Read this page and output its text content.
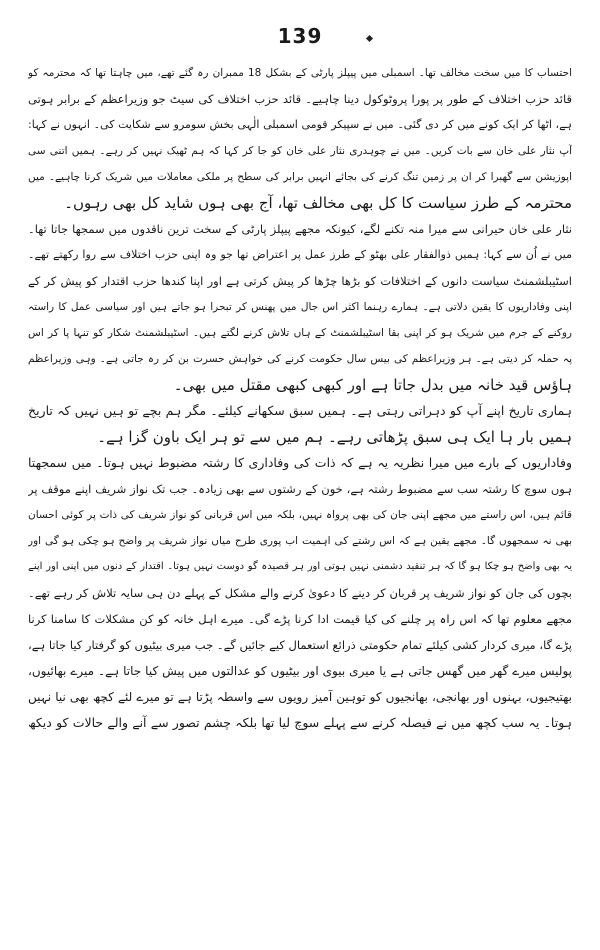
139
احتساب کا میں سخت مخالف تھا۔ اسمبلی میں پیپلز پارٹی کے بشکل 18 ممبران رہ گئے تھے، میں چاہتا تھا کہ محترمہ کو
قائد حزب اختلاف کے طور پر پورا پروٹوکول دینا چاہیے۔ قائد حزب اختلاف کی سیٹ جو وزیراعظم کے برابر ہوتی
ہے، اٹھا کر ایک کونے میں کر دی گئی۔ میں نے سپیکر قومی اسمبلی الٰہی بخش سومرو سے شکایت کی۔ انہوں نے کہا:
آپ نثار علی خان سے بات کریں۔ میں نے چوہدری نثار علی خان کو جا کر کہا کہ ہم ٹھیک نہیں کر رہے۔ ہمیں اتنی سی
اپوزیشن سے گھبرا کر ان پر زمین تنگ کرنے کی بجائے انہیں برابر کی سطح پر ملکی معاملات میں شریک کرنا چاہیے۔ میں
محترمہ کے طرز سیاست کا کل بھی مخالف تھا، آج بھی ہوں شاید کل بھی رہوں۔
نثار علی خان حیرانی سے میرا منہ تکنے لگے، کیونکہ مجھے پیپلز پارٹی کے سخت ترین ناقدوں میں سمجھا جاتا تھا۔
میں نے اُن سے کہا: ہمیں ذوالفقار علی بھٹو کے طرز عمل پر اعتراض تھا جو وہ اپنی حزب اختلاف سے روا رکھتے تھے۔
اسٹیبلشمنٹ سیاست دانوں کے اختلافات کو بڑھا چڑھا کر پیش کرتی ہے اور اپنا کندھا حزب اقتدار کو پیش کر کے
اپنی وفاداریوں کا یقین دلاتی ہے۔ ہمارے رہنما اکثر اس جال میں پھنس کر تبحرا ہو جاتے ہیں اور سیاسی عمل کا راستہ
روکنے کے جرم میں شریک ہو کر اپنی بقا اسٹیبلشمنٹ کے ہاں تلاش کرنے لگتے ہیں۔ اسٹیبلشمنٹ شکار کو تنہا پا کر اس
پہ حملہ کر دیتی ہے۔ ہر وزیراعظم کی بیس سال حکومت کرنے کی خواہش حسرت بن کر رہ جاتی ہے۔ وہی وزیراعظم
ہاؤس قید خانہ میں بدل جاتا ہے اور کبھی کبھی مقتل میں بھی۔
ہماری تاریخ اپنے آپ کو دہراتی رہتی ہے۔ ہمیں سبق سکھانے کیلئے۔ مگر ہم بچے تو ہیں نہیں کہ تاریخ
ہمیں بار ہا ایک ہی سبق پڑھاتی رہے۔ ہم میں سے تو ہر ایک باون گزا ہے۔
وفاداریوں کے بارے میں میرا نظریہ یہ ہے کہ ذات کی وفاداری کا رشتہ مضبوط نہیں ہوتا۔ میں سمجھتا
ہوں سوچ کا رشتہ سب سے مضبوط رشتہ ہے، خون کے رشتوں سے بھی زیادہ۔ جب تک نواز شریف اپنے موقف پر
قائم ہیں، اس راستے میں مجھے اپنی جان کی بھی پرواہ نہیں، بلکہ میں اس قربانی کو نواز شریف کی ذات پر کوئی احسان
بھی نہ سمجھوں گا۔ مجھے یقین ہے کہ اس رشتے کی اہمیت اب پوری طرح میاں نواز شریف پر واضح ہو چکی ہو گی اور
یہ بھی واضح ہو چکا ہو گا کہ ہر تنقید دشمنی نہیں ہوتی اور ہر قصیدہ گو دوست نہیں ہوتا۔ اقتدار کے دنوں میں اپنی اور اپنے
بچوں کی جان کو نواز شریف پر قربان کر دینے کا دعویٰ کرنے والے مشکل کے پہلے دن ہی سایہ تلاش کر رہے تھے۔
مجھے معلوم تھا کہ اس راہ پر چلنے کی کیا قیمت ادا کرنا پڑے گی۔ میرے اہل خانہ کو کن مشکلات کا سامنا کرنا
پڑے گا، میری کردار کشی کیلئے تمام حکومتی ذرائع استعمال کیے جائیں گے۔ جب میری بیٹیوں کو گرفتار کیا جاتا ہے،
پولیس میرے گھر میں گھس جاتی ہے یا میری بیوی اور بیٹیوں کو عدالتوں میں پیش کیا جاتا ہے۔ میرے بھائیوں،
بھتیجیوں، بہنوں اور بھانجی، بھانجیوں کو توہین آمیز رویوں سے واسطہ پڑتا ہے تو میرے لئے کچھ بھی نیا نہیں
ہوتا۔ یہ سب کچھ میں نے فیصلہ کرنے سے پہلے سوچ لیا تھا بلکہ چشم تصور سے آنے والے حالات کو دیکھ
